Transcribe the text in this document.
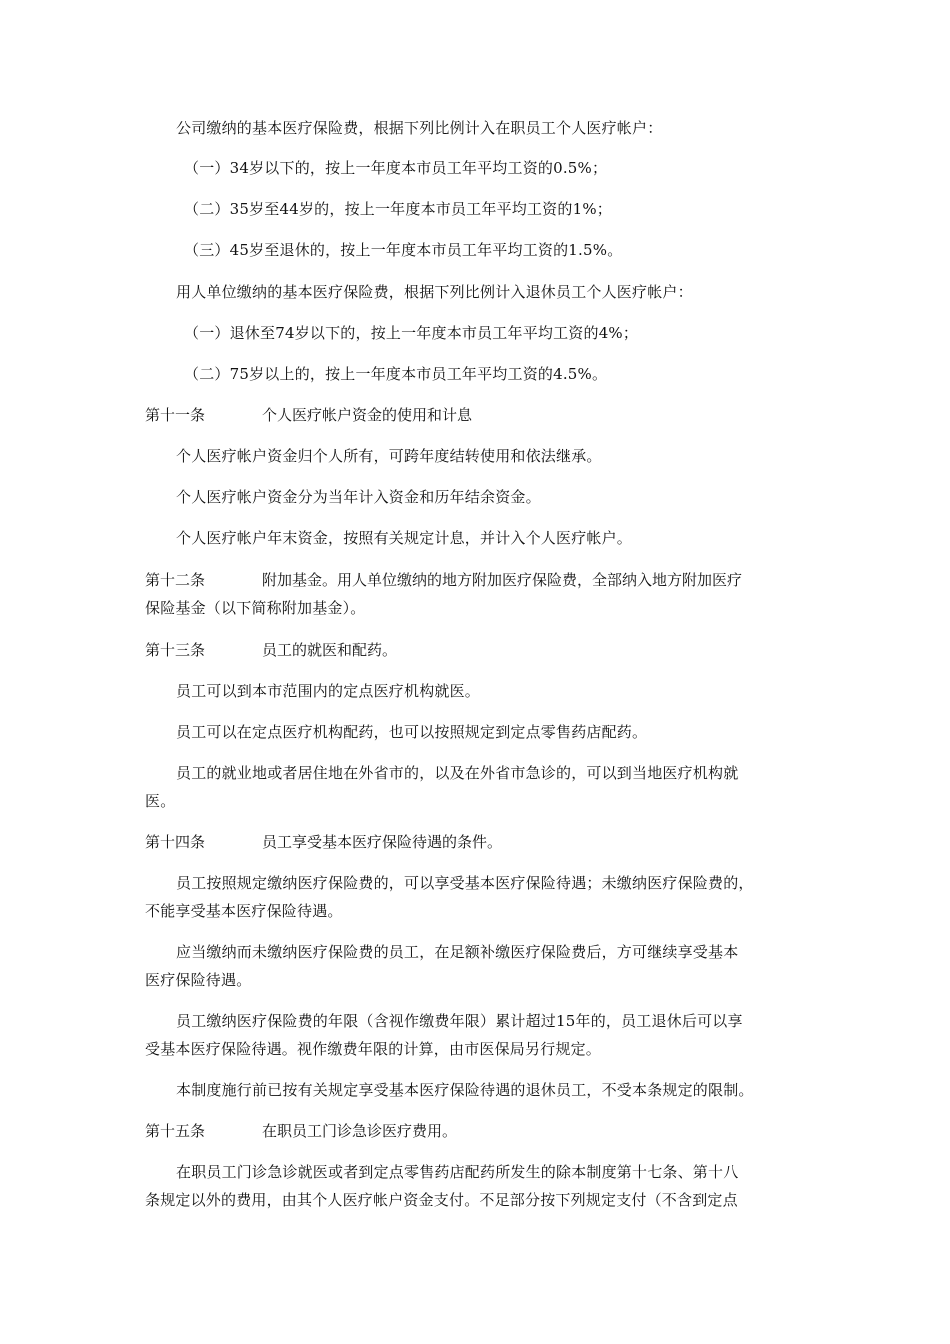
公司缴纳的基本医疗保险费，根据下列比例计入在职员工个人医疗帐户：
（一）34岁以下的，按上一年度本市员工年平均工资的0.5%；
（二）35岁至44岁的，按上一年度本市员工年平均工资的1%；
（三）45岁至退休的，按上一年度本市员工年平均工资的1.5%。
用人单位缴纳的基本医疗保险费，根据下列比例计入退休员工个人医疗帐户：
（一）退休至74岁以下的，按上一年度本市员工年平均工资的4%；
（二）75岁以上的，按上一年度本市员工年平均工资的4.5%。
第十一条	个人医疗帐户资金的使用和计息
个人医疗帐户资金归个人所有，可跨年度结转使用和依法继承。
个人医疗帐户资金分为当年计入资金和历年结余资金。
个人医疗帐户年末资金，按照有关规定计息，并计入个人医疗帐户。
第十二条	附加基金。用人单位缴纳的地方附加医疗保险费，全部纳入地方附加医疗
保险基金（以下简称附加基金）。
第十三条	员工的就医和配药。
员工可以到本市范围内的定点医疗机构就医。
员工可以在定点医疗机构配药，也可以按照规定到定点零售药店配药。
员工的就业地或者居住地在外省市的，以及在外省市急诊的，可以到当地医疗机构就
医。
第十四条	员工享受基本医疗保险待遇的条件。
员工按照规定缴纳医疗保险费的，可以享受基本医疗保险待遇；未缴纳医疗保险费的，
不能享受基本医疗保险待遇。
应当缴纳而未缴纳医疗保险费的员工，在足额补缴医疗保险费后，方可继续享受基本
医疗保险待遇。
员工缴纳医疗保险费的年限（含视作缴费年限）累计超过15年的，员工退休后可以享
受基本医疗保险待遇。视作缴费年限的计算，由市医保局另行规定。
本制度施行前已按有关规定享受基本医疗保险待遇的退休员工，不受本条规定的限制。
第十五条	在职员工门诊急诊医疗费用。
在职员工门诊急诊就医或者到定点零售药店配药所发生的除本制度第十七条、第十八
条规定以外的费用，由其个人医疗帐户资金支付。不足部分按下列规定支付（不含到定点
